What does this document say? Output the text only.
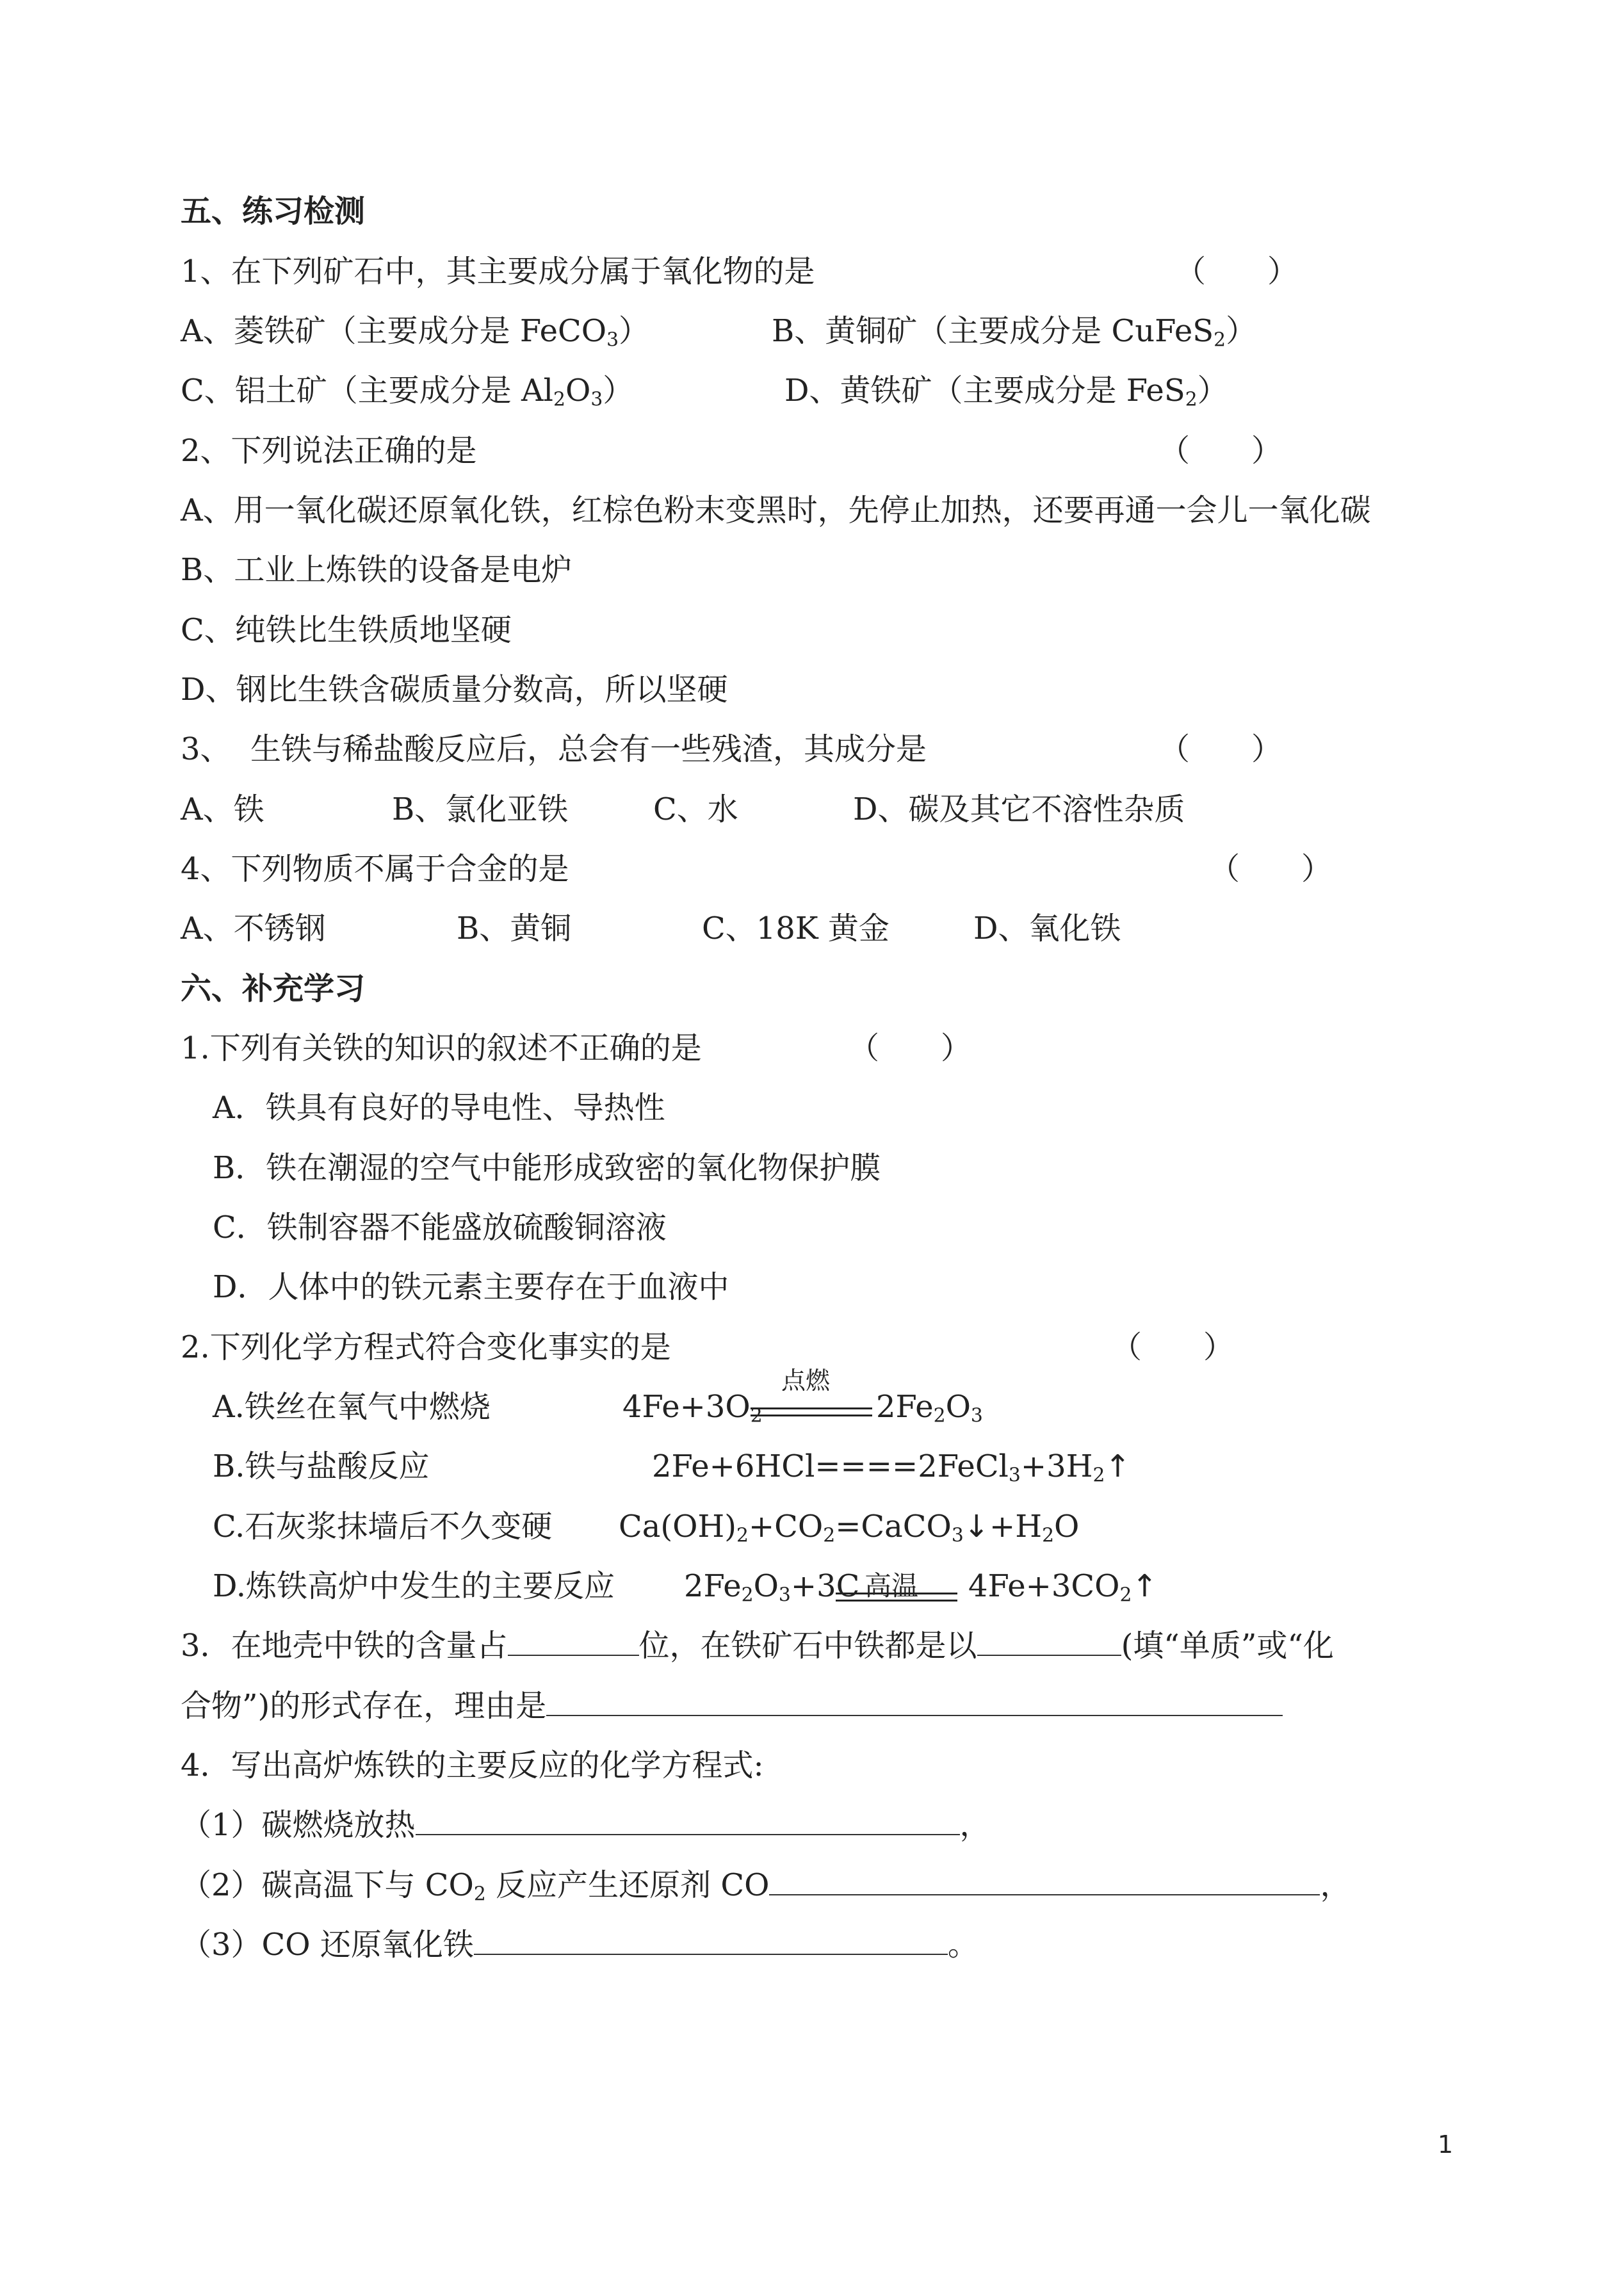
五、练习检测
1、在下列矿石中，其主要成分属于氧化物的是	（　　）
A、菱铁矿（主要成分是 FeCO$_3$）	B、黄铜矿（主要成分是 CuFeS$_2$）
C、铝土矿（主要成分是 $Al_2O_3$）	D、黄铁矿（主要成分是 FeS$_2$）
2、下列说法正确的是	（　　）
A、用一氧化碳还原氧化铁，红棕色粉末变黑时，先停止加热，还要再通一会儿一氧化碳
B、工业上炼铁的设备是电炉
C、纯铁比生铁质地坚硬
D、钢比生铁含碳质量分数高，所以坚硬
3、  生铁与稀盐酸反应后，总会有一些残渣，其成分是	（　　）
A、铁	B、氯化亚铁	C、水	D、碳及其它不溶性杂质
4、下列物质不属于合金的是	（　　）
A、不锈钢	B、黄铜	C、18K 黄金	D、氧化铁
六、补充学习
1.下列有关铁的知识的叙述不正确的是	（　　）
A．铁具有良好的导电性、导热性
B．铁在潮湿的空气中能形成致密的氧化物保护膜
C．铁制容器不能盛放硫酸铜溶液
D．人体中的铁元素主要存在于血液中
2.下列化学方程式符合变化事实的是	（　　）
A.铁丝在氧气中燃烧	$4Fe+3O_2$
点燃
$2Fe_2O_3$
B.铁与盐酸反应	$2Fe+6HCl====2FeCl_3+3H_2↑$
C.石灰浆抹墙后不久变硬 $Ca(OH)_2+CO_2=CaCO_3↓+H_2O$
D.炼铁高炉中发生的主要反应 $2Fe_2O_3+3C$ 高温 $4Fe+3CO_2↑$
3．在地壳中铁的含量占	位，在铁矿石中铁都是以	(填“单质”或“化
合物”)的形式存在，理由是
4．写出高炉炼铁的主要反应的化学方程式:
（1）碳燃烧放热	，
（2）碳高温下与 $CO_2$ 反应产生还原剂 CO	，
（3）CO 还原氧化铁	。
1
